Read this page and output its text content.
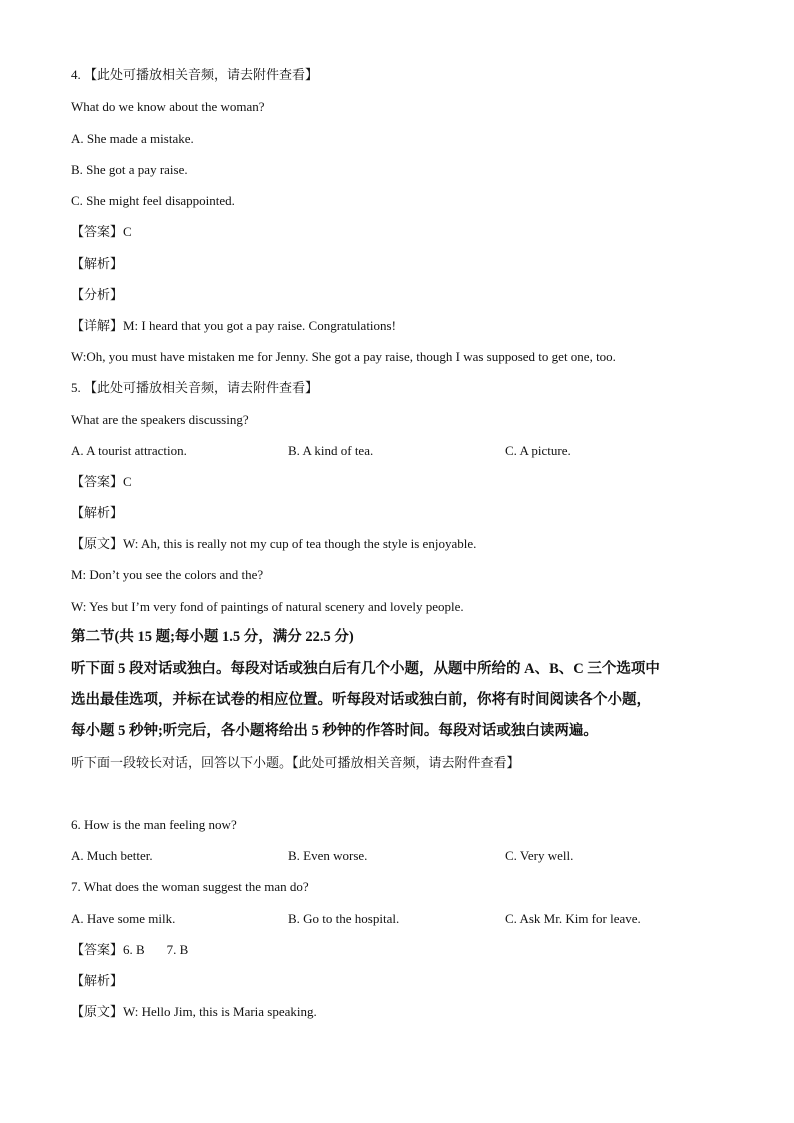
4. 【此处可播放相关音频，请去附件查看】
What do we know about the woman?
A. She made a mistake.
B. She got a pay raise.
C. She might feel disappointed.
【答案】C
【解析】
【分析】
【详解】M: I heard that you got a pay raise. Congratulations!
W:Oh, you must have mistaken me for Jenny. She got a pay raise, though I was supposed to get one, too.
5. 【此处可播放相关音频，请去附件查看】
What are the speakers discussing?
A. A tourist attraction.	B. A kind of tea.	C. A picture.
【答案】C
【解析】
【原文】W: Ah, this is really not my cup of tea though the style is enjoyable.
M: Don’t you see the colors and the?
W: Yes but I’m very fond of paintings of natural scenery and lovely people.
第二节(共 15 题;每小题 1.5 分，满分 22.5 分)
听下面 5 段对话或独白。每段对话或独白后有几个小题，从题中所给的 A、B、C 三个选项中
选出最佳选项，并标在试卷的相应位置。听每段对话或独白前，你将有时间阅读各个小题，
每小题 5 秒钟;听完后，各小题将给出 5 秒钟的作答时间。每段对话或独白读两遍。
听下面一段较长对话，回答以下小题。【此处可播放相关音频，请去附件查看】
6. How is the man feeling now?
A. Much better.	B. Even worse.	C. Very well.
7. What does the woman suggest the man do?
A. Have some milk.	B. Go to the hospital.	C. Ask Mr. Kim for leave.
【答案】6. B 7. B
【解析】
【原文】W: Hello Jim, this is Maria speaking.
